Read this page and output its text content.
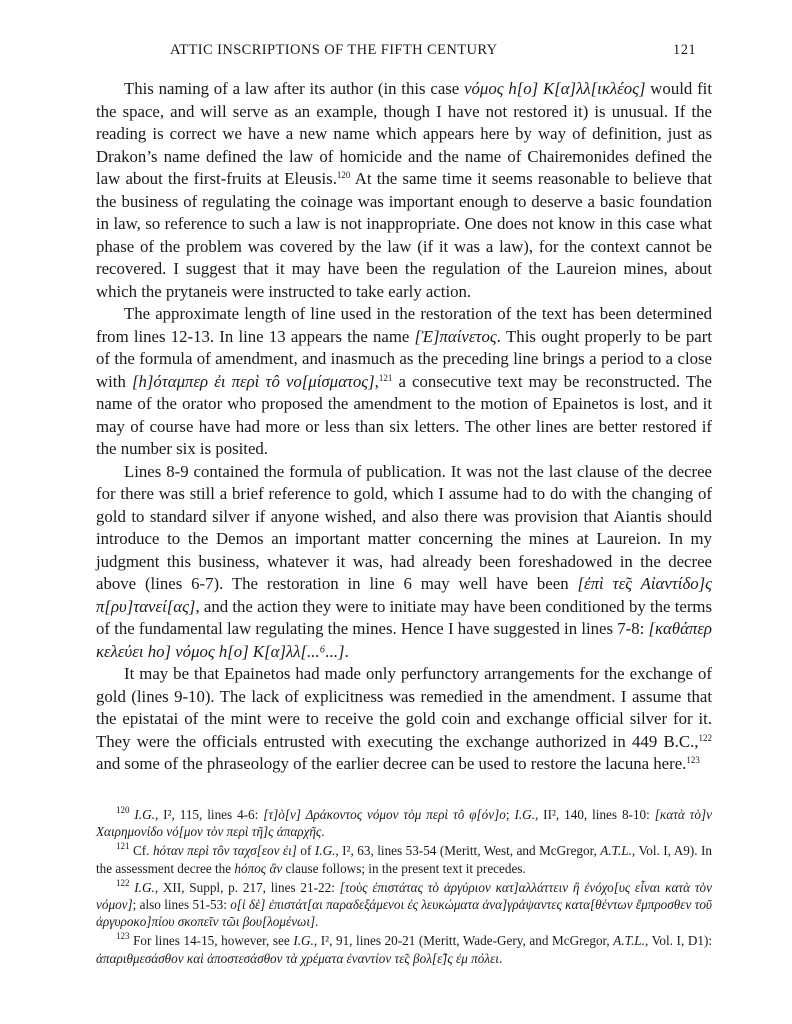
ATTIC INSCRIPTIONS OF THE FIFTH CENTURY	121

This naming of a law after its author (in this case νόμος h[o] Κ[α]λλ[ικλέος] would fit the space, and will serve as an example, though I have not restored it) is unusual. If the reading is correct we have a new name which appears here by way of definition, just as Drakon’s name defined the law of homicide and the name of Chairemonides defined the law about the first-fruits at Eleusis.$^{120}$ At the same time it seems reasonable to believe that the business of regulating the coinage was important enough to deserve a basic foundation in law, so reference to such a law is not inappropriate. One does not know in this case what phase of the problem was covered by the law (if it was a law), for the context cannot be recovered. I suggest that it may have been the regulation of the Laureion mines, about which the prytaneis were instructed to take early action.

The approximate length of line used in the restoration of the text has been determined from lines 12-13. In line 13 appears the name [Ἐ]παίνετος. This ought properly to be part of the formula of amendment, and inasmuch as the preceding line brings a period to a close with [h]όταμπερ ἐι περὶ τô νο[μίσματος],$^{121}$ a consecutive text may be reconstructed. The name of the orator who proposed the amendment to the motion of Epainetos is lost, and it may of course have had more or less than six letters. The other lines are better restored if the number six is posited.

Lines 8-9 contained the formula of publication. It was not the last clause of the decree for there was still a brief reference to gold, which I assume had to do with the changing of gold to standard silver if anyone wished, and also there was provision that Aiantis should introduce to the Demos an important matter concerning the mines at Laureion. In my judgment this business, whatever it was, had already been foreshadowed in the decree above (lines 6-7). The restoration in line 6 may well have been [ἐπὶ τε̃ς Αἰαντίδο]ς π[ρυ]τανεί[ας], and the action they were to initiate may have been conditioned by the terms of the fundamental law regulating the mines. Hence I have suggested in lines 7-8: [καθάπερ κελεύει ho] νόμος h[o] Κ[α]λλ[...⁶...].

It may be that Epainetos had made only perfunctory arrangements for the exchange of gold (lines 9-10). The lack of explicitness was remedied in the amendment. I assume that the epistatai of the mint were to receive the gold coin and exchange official silver for it. They were the officials entrusted with executing the exchange authorized in 449 B.C.,$^{122}$ and some of the phraseology of the earlier decree can be used to restore the lacuna here.$^{123}$

$^{120}$ I.G., I², 115, lines 4-6: [τ]ὸ[ν] Δράκοντος νόμον τὸμ περὶ τô φ[όν]ο; I.G., II², 140, lines 8-10: [κατὰ τὸ]ν Χαιρημονίδο νό[μον τὸν περὶ τῆ]ς ἀπαρχῆς.

$^{121}$ Cf. hόταν περὶ τôν ταχσ[εον ἐι] of I.G., I², 63, lines 53-54 (Meritt, West, and McGregor, A.T.L., Vol. I, A9). In the assessment decree the hόπος ἂν clause follows; in the present text it precedes.

$^{122}$ I.G., XII, Suppl, p. 217, lines 21-22: [τοὺς ἐπιστάτας τὸ ἀργύριον κατ]αλλάττειν ἢ ἐνόχο[υς εἶναι κατὰ τὸν νόμον]; also lines 51-53: ο[ἱ δὲ] ἐπιστάτ[αι παραδεξάμενοι ἐς λευκώματα ἀνα]γράψαντες κατα[θέντων ἔμπροσθεν τοῦ ἀργυροκο]πίου σκοπεῖν τῶι βου[λομένωι].

$^{123}$ For lines 14-15, however, see I.G., I², 91, lines 20-21 (Meritt, Wade-Gery, and McGregor, A.T.L., Vol. I, D1): ἀπαριθμεσάσθον καὶ ἀποστεσάσθον τὰ χρέματα ἐναντίον τε̃ς βολ[ε̃]ς ἐμ πόλει.
